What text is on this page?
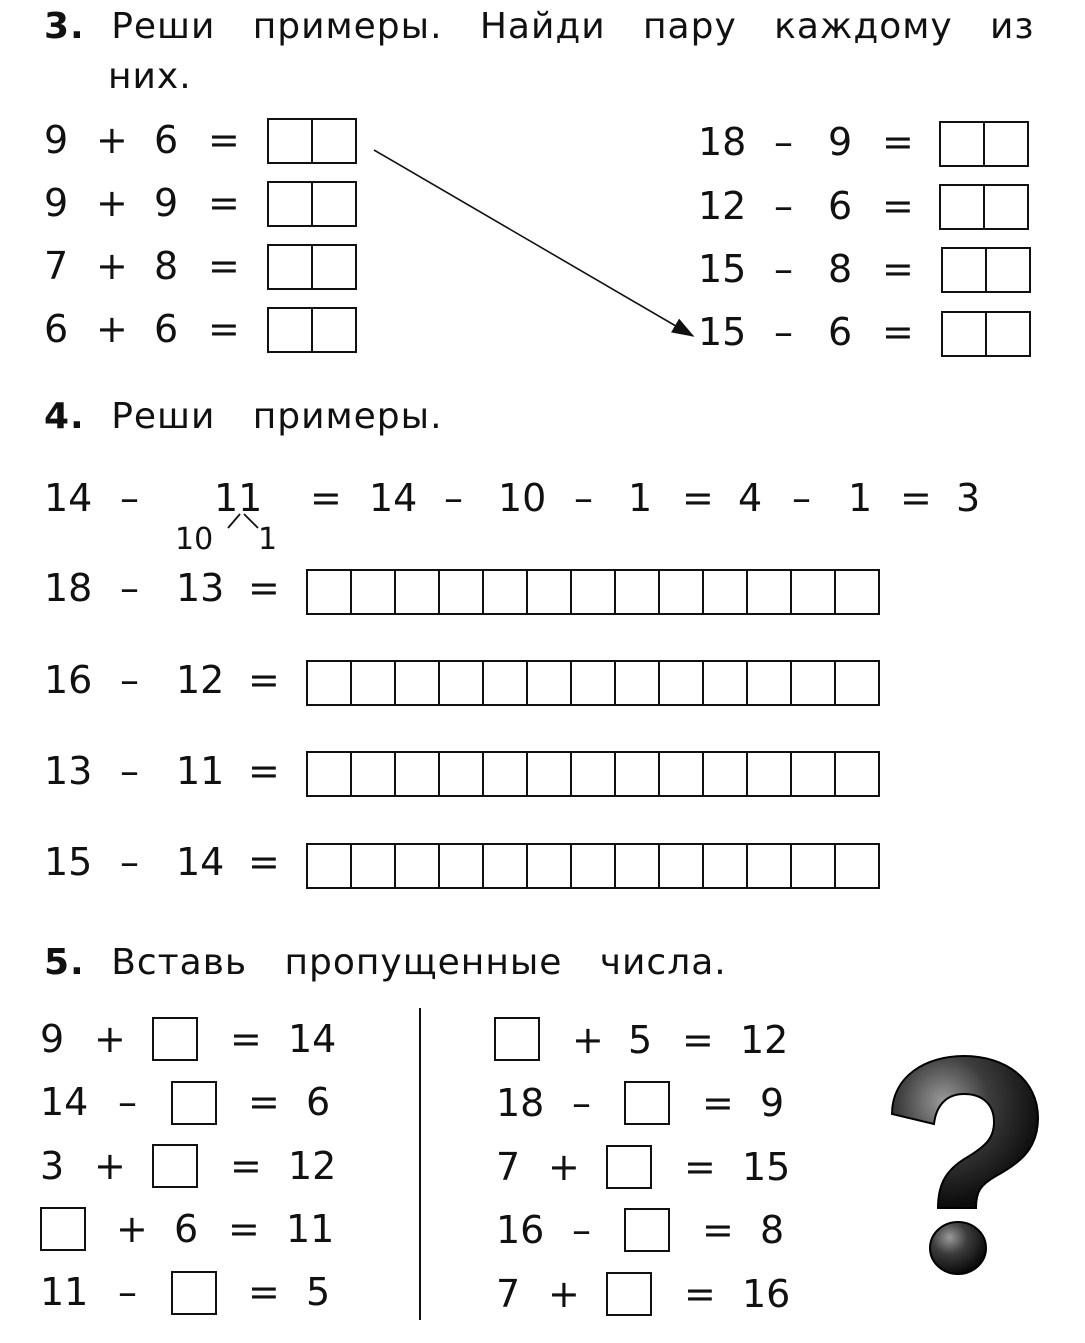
3. Реши   примеры.   Найди   пару   каждому   из
них.
9 + 6 =
9 + 9 =
7 + 8 =
6 + 6 =
18 – 9 =
12 – 6 =
15 – 8 =
15 – 6 =
4. Реши   примеры.
14 – 11 = 14 – 10 – 1 = 4 – 1 = 3
10 1
18 – 13 =
16 – 12 =
13 – 11 =
15 – 14 =
5. Вставь   пропущенные   числа.
9 +	= 14
14 –	= 6
3 +	= 12
+ 6 = 11
11 –	= 5
+ 5 = 12
18 –	= 9
7 +	= 15
16 –	= 8
7 +	= 16
